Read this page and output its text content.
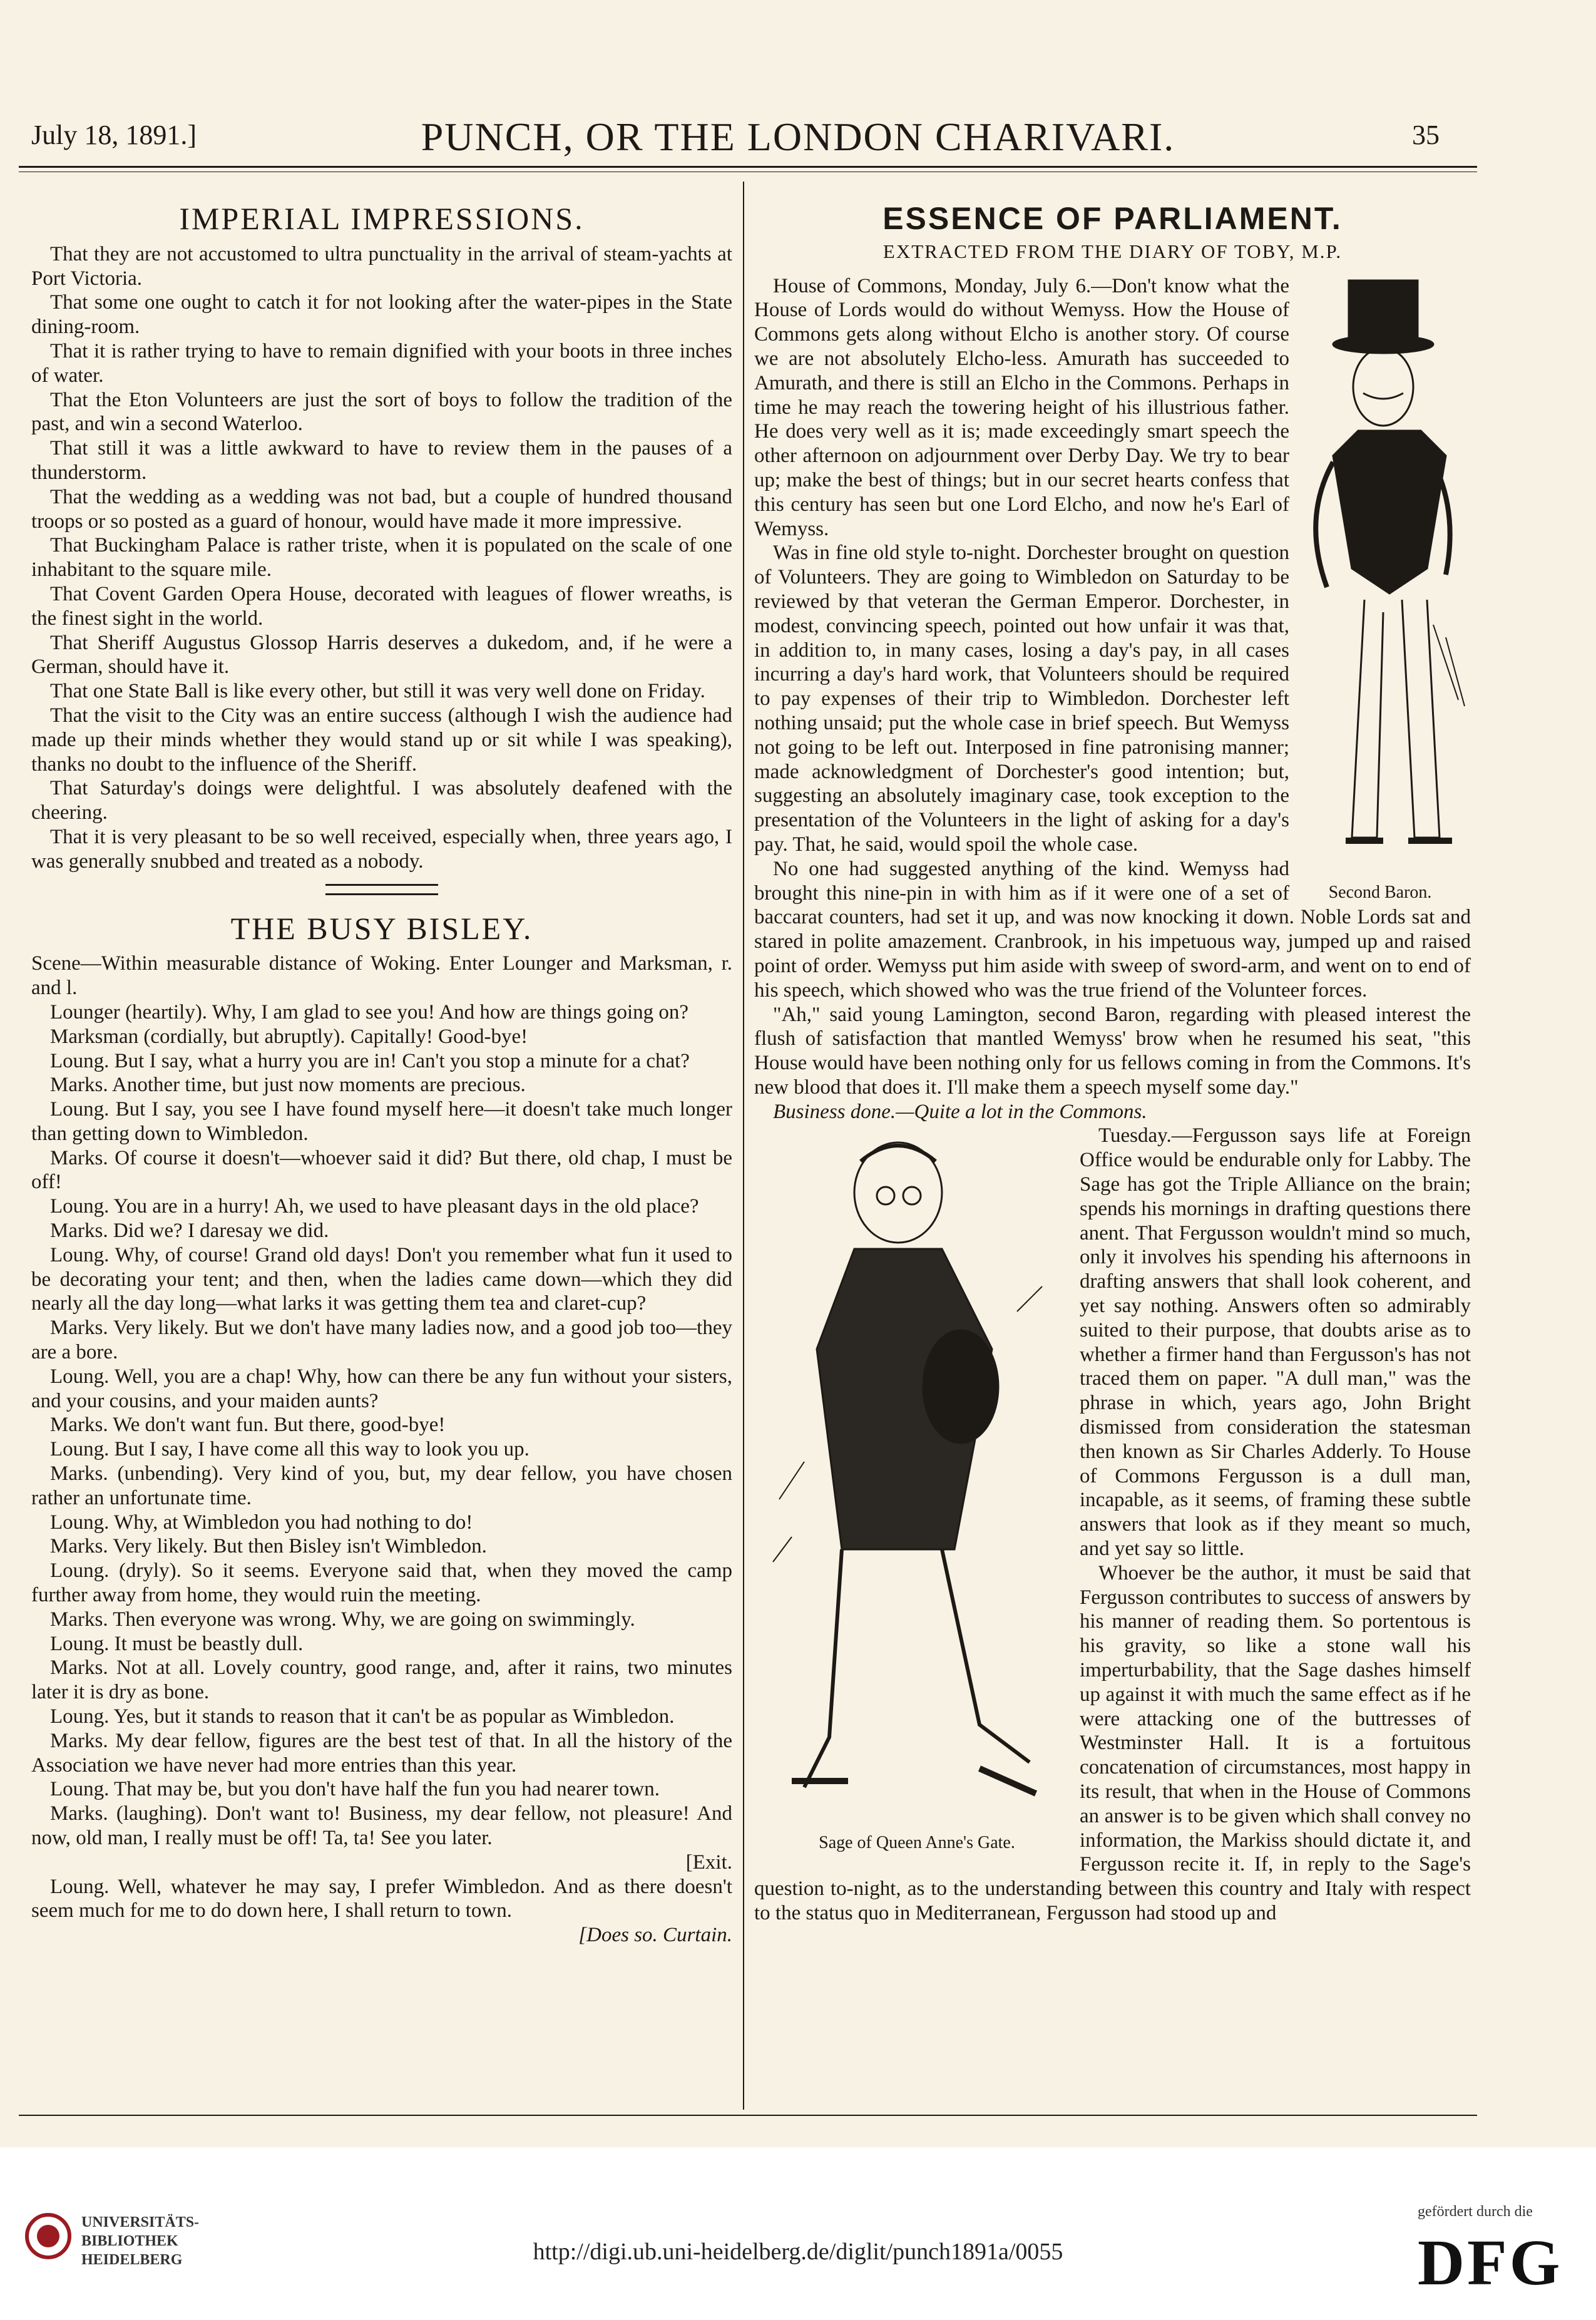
July 18, 1891.]	PUNCH, OR THE LONDON CHARIVARI.	35
IMPERIAL IMPRESSIONS.

That they are not accustomed to ultra punctuality in the arrival of steam-yachts at Port Victoria.

That some one ought to catch it for not looking after the water-pipes in the State dining-room.

That it is rather trying to have to remain dignified with your boots in three inches of water.

That the Eton Volunteers are just the sort of boys to follow the tradition of the past, and win a second Waterloo.

That still it was a little awkward to have to review them in the pauses of a thunderstorm.

That the wedding as a wedding was not bad, but a couple of hundred thousand troops or so posted as a guard of honour, would have made it more impressive.

That Buckingham Palace is rather triste, when it is populated on the scale of one inhabitant to the square mile.

That Covent Garden Opera House, decorated with leagues of flower wreaths, is the finest sight in the world.

That Sheriff Augustus Glossop Harris deserves a dukedom, and, if he were a German, should have it.

That one State Ball is like every other, but still it was very well done on Friday.

That the visit to the City was an entire success (although I wish the audience had made up their minds whether they would stand up or sit while I was speaking), thanks no doubt to the influence of the Sheriff.

That Saturday's doings were delightful. I was absolutely deafened with the cheering.

That it is very pleasant to be so well received, especially when, three years ago, I was generally snubbed and treated as a nobody.

THE BUSY BISLEY.

Scene—Within measurable distance of Woking. Enter Lounger and Marksman, r. and l.

Lounger (heartily). Why, I am glad to see you! And how are things going on?

Marksman (cordially, but abruptly). Capitally! Good-bye!

Loung. But I say, what a hurry you are in! Can't you stop a minute for a chat?

Marks. Another time, but just now moments are precious.

Loung. But I say, you see I have found myself here—it doesn't take much longer than getting down to Wimbledon.

Marks. Of course it doesn't—whoever said it did? But there, old chap, I must be off!

Loung. You are in a hurry! Ah, we used to have pleasant days in the old place?

Marks. Did we? I daresay we did.

Loung. Why, of course! Grand old days! Don't you remember what fun it used to be decorating your tent; and then, when the ladies came down—which they did nearly all the day long—what larks it was getting them tea and claret-cup?

Marks. Very likely. But we don't have many ladies now, and a good job too—they are a bore.

Loung. Well, you are a chap! Why, how can there be any fun without your sisters, and your cousins, and your maiden aunts?

Marks. We don't want fun. But there, good-bye!

Loung. But I say, I have come all this way to look you up.

Marks. (unbending). Very kind of you, but, my dear fellow, you have chosen rather an unfortunate time.

Loung. Why, at Wimbledon you had nothing to do!

Marks. Very likely. But then Bisley isn't Wimbledon.

Loung. (dryly). So it seems. Everyone said that, when they moved the camp further away from home, they would ruin the meeting.

Marks. Then everyone was wrong. Why, we are going on swimmingly.

Loung. It must be beastly dull.

Marks. Not at all. Lovely country, good range, and, after it rains, two minutes later it is dry as bone.

Loung. Yes, but it stands to reason that it can't be as popular as Wimbledon.

Marks. My dear fellow, figures are the best test of that. In all the history of the Association we have never had more entries than this year.

Loung. That may be, but you don't have half the fun you had nearer town.

Marks. (laughing). Don't want to! Business, my dear fellow, not pleasure! And now, old man, I really must be off! Ta, ta! See you later.

[Exit.

Loung. Well, whatever he may say, I prefer Wimbledon. And as there doesn't seem much for me to do down here, I shall return to town.

[Does so. Curtain.

ESSENCE OF PARLIAMENT.
EXTRACTED FROM THE DIARY OF TOBY, M.P.
Second Baron.

House of Commons, Monday, July 6.—Don't know what the House of Lords would do without Wemyss. How the House of Commons gets along without Elcho is another story. Of course we are not absolutely Elcho-less. Amurath has succeeded to Amurath, and there is still an Elcho in the Commons. Perhaps in time he may reach the towering height of his illustrious father. He does very well as it is; made exceedingly smart speech the other afternoon on adjournment over Derby Day. We try to bear up; make the best of things; but in our secret hearts confess that this century has seen but one Lord Elcho, and now he's Earl of Wemyss.

Was in fine old style to-night. Dorchester brought on question of Volunteers. They are going to Wimbledon on Saturday to be reviewed by that veteran the German Emperor. Dorchester, in modest, convincing speech, pointed out how unfair it was that, in addition to, in many cases, losing a day's pay, in all cases incurring a day's hard work, that Volunteers should be required to pay expenses of their trip to Wimbledon. Dorchester left nothing unsaid; put the whole case in brief speech. But Wemyss not going to be left out. Interposed in fine patronising manner; made acknowledgment of Dorchester's good intention; but, suggesting an absolutely imaginary case, took exception to the presentation of the Volunteers in the light of asking for a day's pay. That, he said, would spoil the whole case.

No one had suggested anything of the kind. Wemyss had brought this nine-pin in with him as if it were one of a set of baccarat counters, had set it up, and was now knocking it down. Noble Lords sat and stared in polite amazement. Cranbrook, in his impetuous way, jumped up and raised point of order. Wemyss put him aside with sweep of sword-arm, and went on to end of his speech, which showed who was the true friend of the Volunteer forces.

"Ah," said young Lamington, second Baron, regarding with pleased interest the flush of satisfaction that mantled Wemyss' brow when he resumed his seat, "this House would have been nothing only for us fellows coming in from the Commons. It's new blood that does it. I'll make them a speech myself some day."

Business done.—Quite a lot in the Commons.

Sage of Queen Anne's Gate.

Tuesday.—Fergusson says life at Foreign Office would be endurable only for Labby. The Sage has got the Triple Alliance on the brain; spends his mornings in drafting questions there anent. That Fergusson wouldn't mind so much, only it involves his spending his afternoons in drafting answers that shall look coherent, and yet say nothing. Answers often so admirably suited to their purpose, that doubts arise as to whether a firmer hand than Fergusson's has not traced them on paper. "A dull man," was the phrase in which, years ago, John Bright dismissed from consideration the statesman then known as Sir Charles Adderly. To House of Commons Fergusson is a dull man, incapable, as it seems, of framing these subtle answers that look as if they meant so much, and yet say so little.

Whoever be the author, it must be said that Fergusson contributes to success of answers by his manner of reading them. So portentous is his gravity, so like a stone wall his imperturbability, that the Sage dashes himself up against it with much the same effect as if he were attacking one of the buttresses of Westminster Hall. It is a fortuitous concatenation of circumstances, most happy in its result, that when in the House of Commons an answer is to be given which shall convey no information, the Markiss should dictate it, and Fergusson recite it. If, in reply to the Sage's question to-night, as to the understanding between this country and Italy with respect to the status quo in Mediterranean, Fergusson had stood up and

UNIVERSITÄTS-
BIBLIOTHEK
HEIDELBERG	http://digi.ub.uni-heidelberg.de/diglit/punch1891a/0055
gefördert durch die
DFG
